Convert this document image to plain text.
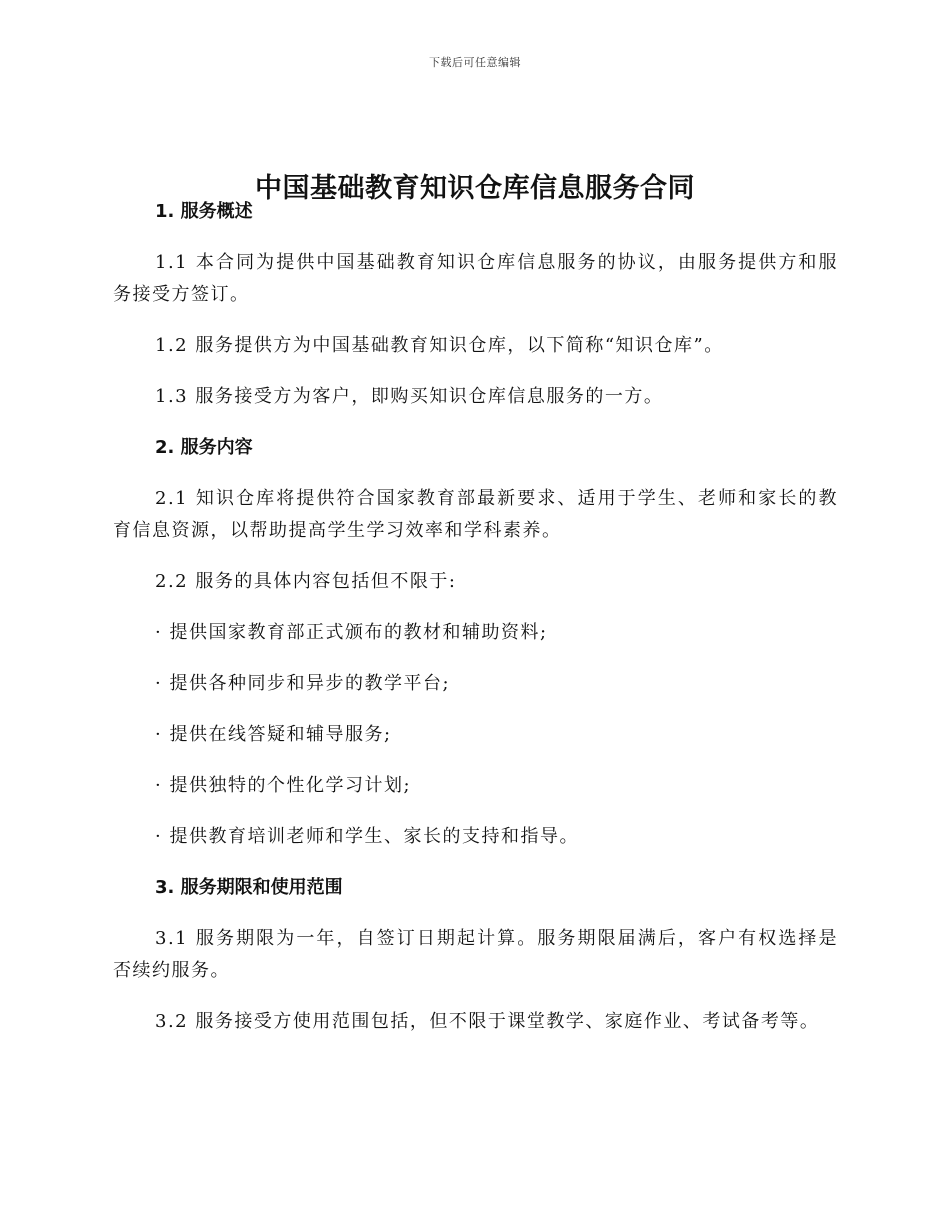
下载后可任意编辑
中国基础教育知识仓库信息服务合同
1. 服务概述

1.1 本合同为提供中国基础教育知识仓库信息服务的协议，由服务提供方和服务接受方签订。

1.2 服务提供方为中国基础教育知识仓库，以下简称“知识仓库”。

1.3 服务接受方为客户，即购买知识仓库信息服务的一方。

2. 服务内容

2.1 知识仓库将提供符合国家教育部最新要求、适用于学生、老师和家长的教育信息资源，以帮助提高学生学习效率和学科素养。

2.2 服务的具体内容包括但不限于:

· 提供国家教育部正式颁布的教材和辅助资料;

· 提供各种同步和异步的教学平台;

· 提供在线答疑和辅导服务;

· 提供独特的个性化学习计划;

· 提供教育培训老师和学生、家长的支持和指导。

3. 服务期限和使用范围

3.1 服务期限为一年，自签订日期起计算。服务期限届满后，客户有权选择是否续约服务。

3.2 服务接受方使用范围包括，但不限于课堂教学、家庭作业、考试备考等。
